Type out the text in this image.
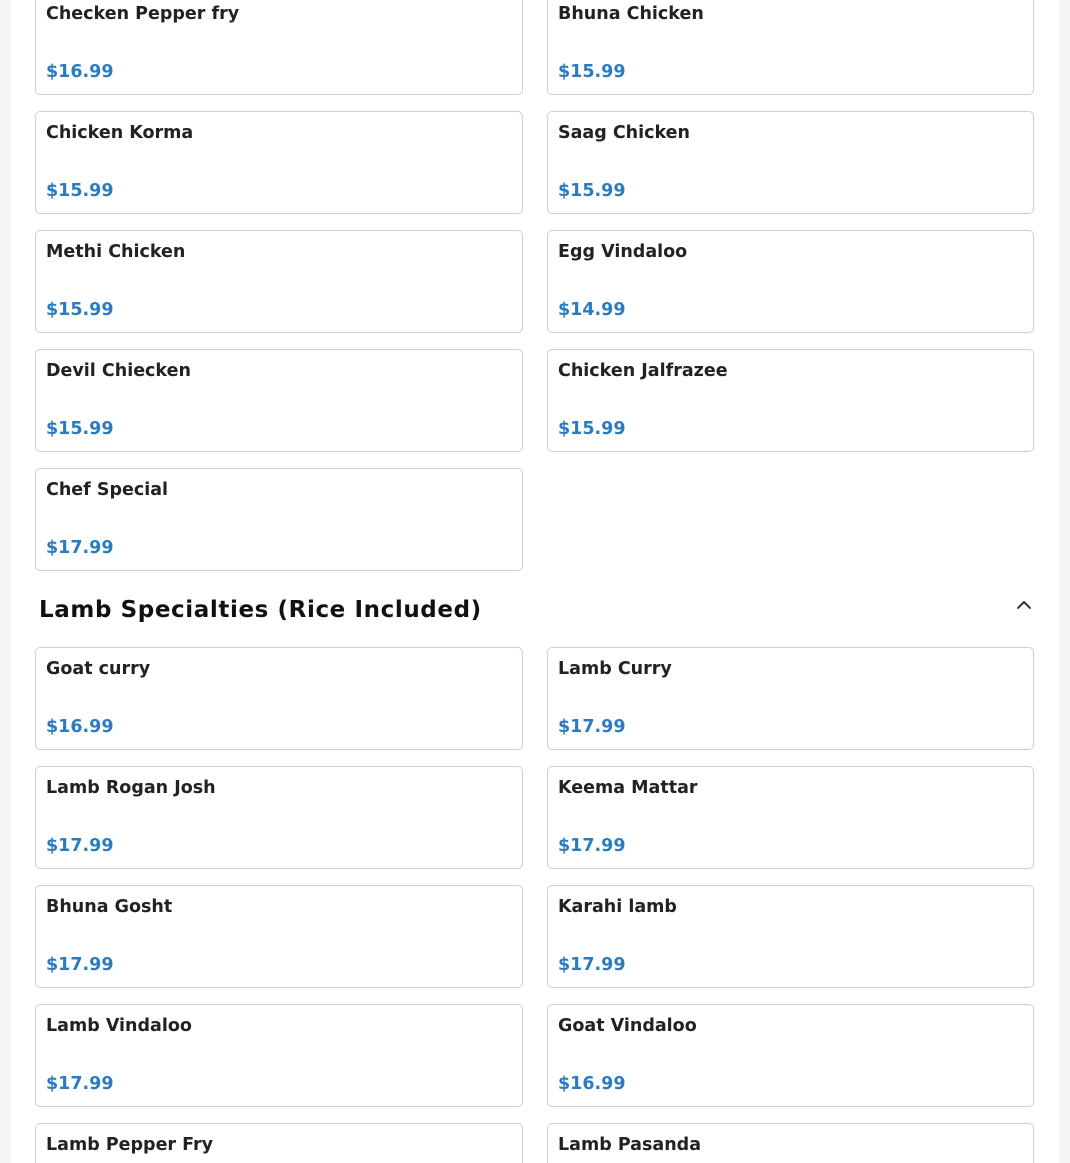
Checken Pepper fry
$16.99
Bhuna Chicken
$15.99
Chicken Korma
$15.99
Saag Chicken
$15.99
Methi Chicken
$15.99
Egg Vindaloo
$14.99
Devil Chiecken
$15.99
Chicken Jalfrazee
$15.99
Chef Special
$17.99
Lamb Specialties (Rice Included)
Goat curry
$16.99
Lamb Curry
$17.99
Lamb Rogan Josh
$17.99
Keema Mattar
$17.99
Bhuna Gosht
$17.99
Karahi lamb
$17.99
Lamb Vindaloo
$17.99
Goat Vindaloo
$16.99
Lamb Pepper Fry	Lamb Pasanda
